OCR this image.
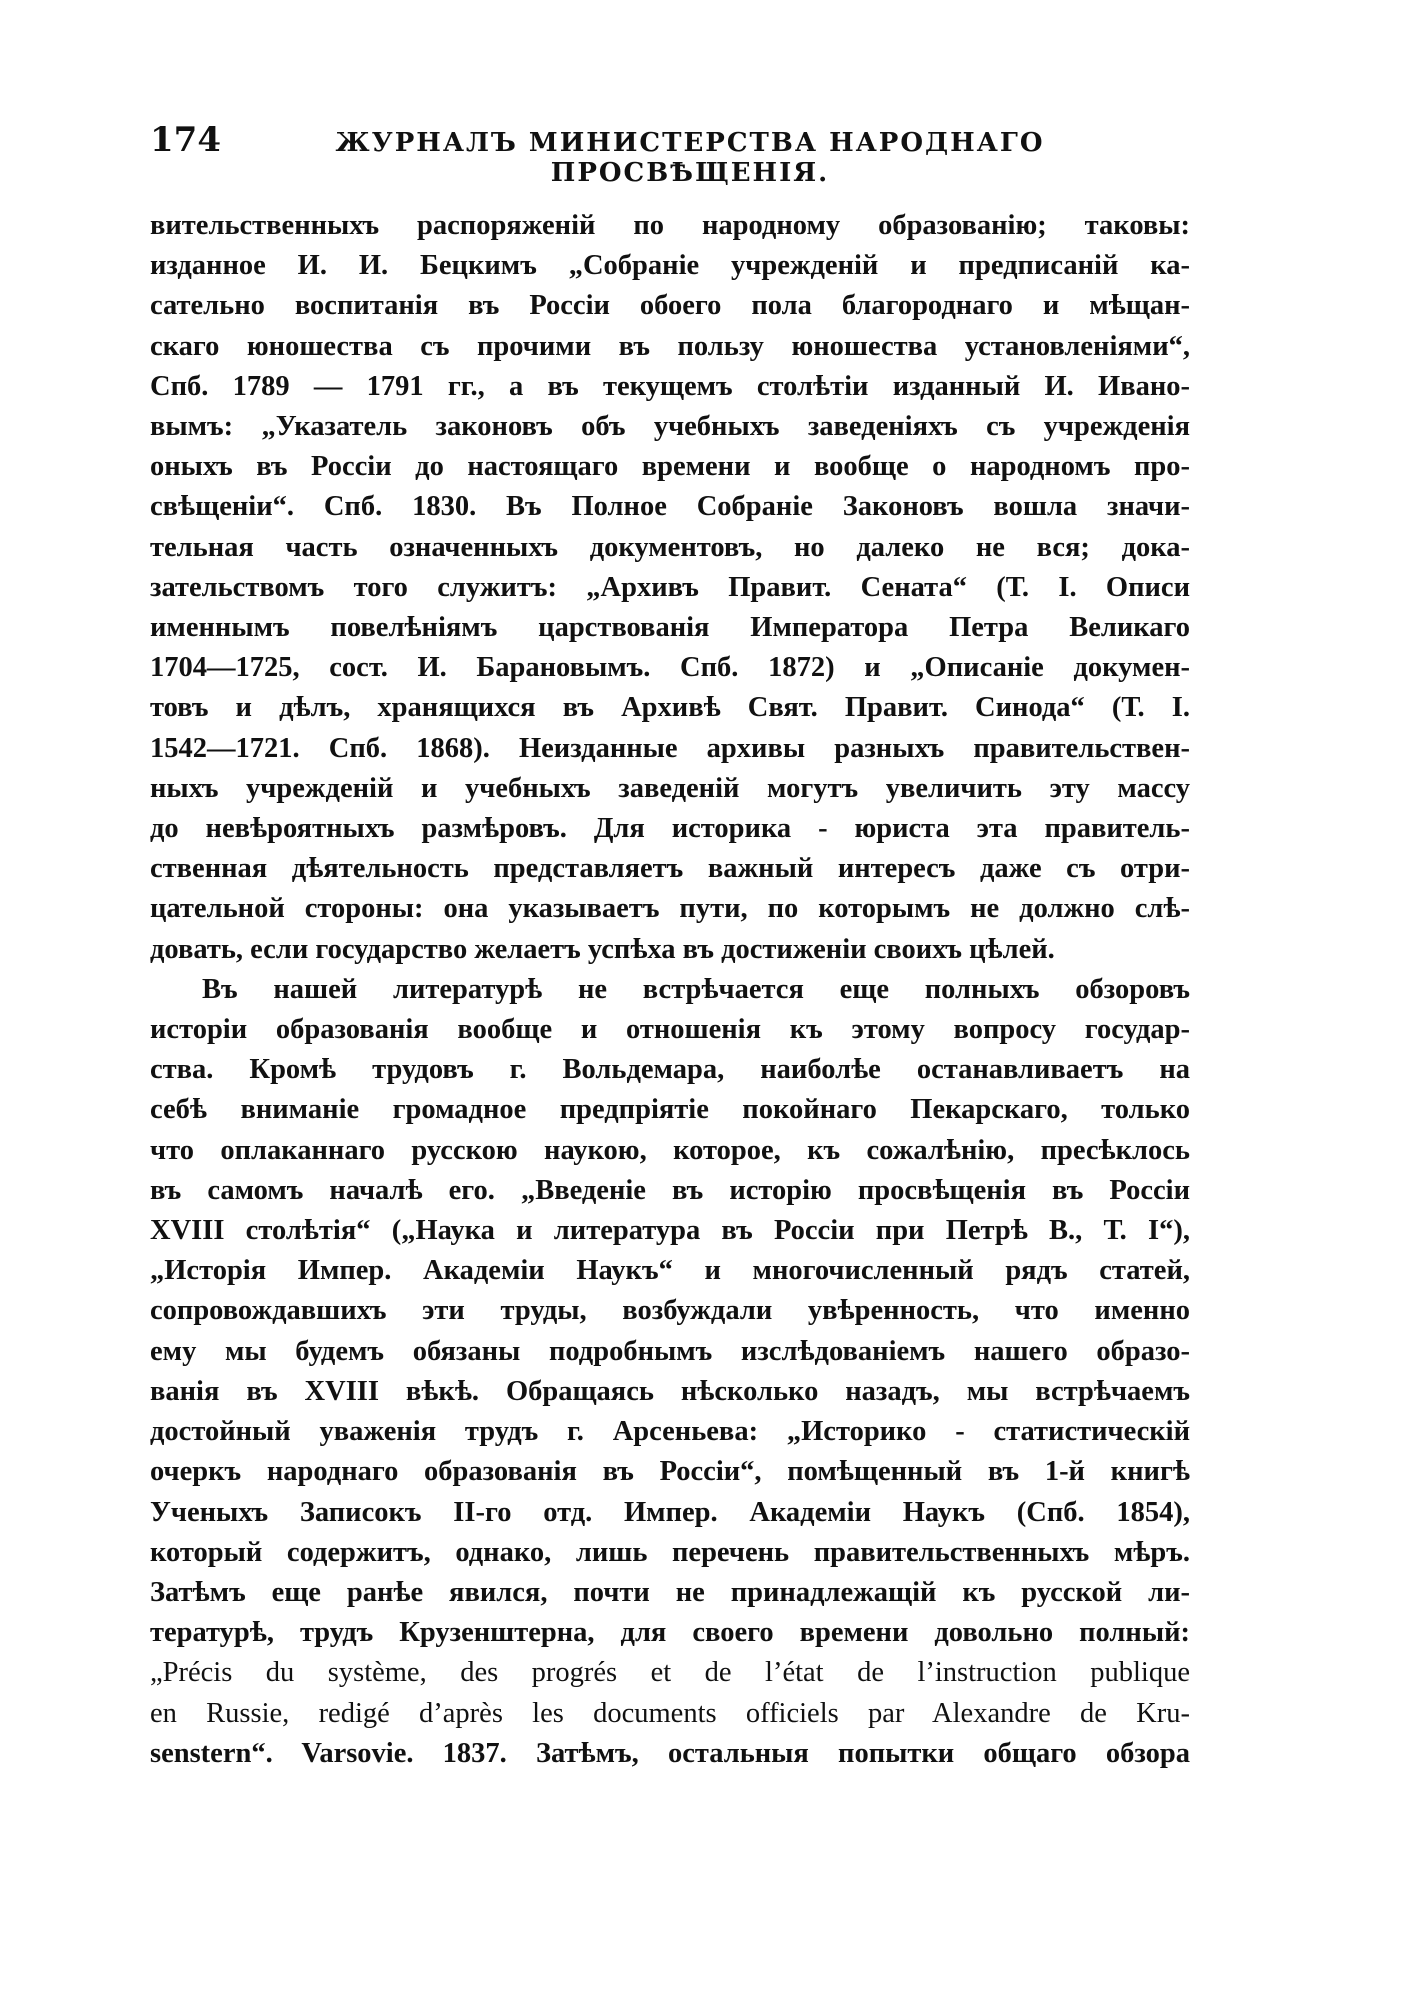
174	ЖУРНАЛЪ МИНИСТЕРСТВА НАРОДНАГО ПРОСВѢЩЕНІЯ.
вительственныхъ распоряженій по народному образованію; таковы:
изданное И. И. Бецкимъ „Собраніе учрежденій и предписаній ка-
сательно воспитанія въ Россіи обоего пола благороднаго и мѣщан-
скаго юношества съ прочими въ пользу юношества установленіями“,
Спб. 1789 — 1791 гг., а въ текущемъ столѣтіи изданный И. Ивано-
вымъ: „Указатель законовъ объ учебныхъ заведеніяхъ съ учрежденія
оныхъ въ Россіи до настоящаго времени и вообще о народномъ про-
свѣщеніи“. Спб. 1830. Въ Полное Собраніе Законовъ вошла значи-
тельная часть означенныхъ документовъ, но далеко не вся; дока-
зательствомъ того служитъ: „Архивъ Правит. Сената“ (Т. I. Описи
именнымъ повелѣніямъ царствованія Императора Петра Великаго
1704—1725, сост. И. Барановымъ. Спб. 1872) и „Описаніе докумен-
товъ и дѣлъ, хранящихся въ Архивѣ Свят. Правит. Синода“ (Т. I.
1542—1721. Спб. 1868). Неизданные архивы разныхъ правительствен-
ныхъ учрежденій и учебныхъ заведеній могутъ увеличить эту массу
до невѣроятныхъ размѣровъ. Для историка - юриста эта правитель-
ственная дѣятельность представляетъ важный интересъ даже съ отри-
цательной стороны: она указываетъ пути, по которымъ не должно слѣ-
довать, если государство желаетъ успѣха въ достиженіи своихъ цѣлей.
Въ нашей литературѣ не встрѣчается еще полныхъ обзоровъ
исторіи образованія вообще и отношенія къ этому вопросу государ-
ства. Кромѣ трудовъ г. Вольдемара, наиболѣе останавливаетъ на
себѣ вниманіе громадное предпріятіе покойнаго Пекарскаго, только
что оплаканнаго русскою наукою, которое, къ сожалѣнію, пресѣклось
въ самомъ началѣ его. „Введеніе въ исторію просвѣщенія въ Россіи
XVIII столѣтія“ („Наука и литература въ Россіи при Петрѣ В., Т. I“),
„Исторія Импер. Академіи Наукъ“ и многочисленный рядъ статей,
сопровождавшихъ эти труды, возбуждали увѣренность, что именно
ему мы будемъ обязаны подробнымъ изслѣдованіемъ нашего образо-
ванія въ XVIII вѣкѣ. Обращаясь нѣсколько назадъ, мы встрѣчаемъ
достойный уваженія трудъ г. Арсеньева: „Историко - статистическій
очеркъ народнаго образованія въ Россіи“, помѣщенный въ 1-й книгѣ
Ученыхъ Записокъ II-го отд. Импер. Академіи Наукъ (Спб. 1854),
который содержитъ, однако, лишь перечень правительственныхъ мѣръ.
Затѣмъ еще ранѣе явился, почти не принадлежащій къ русской ли-
тературѣ, трудъ Крузенштерна, для своего времени довольно полный:
„Précis du système, des progrés et de l’état de l’instruction publique
en Russie, redigé d’après les documents officiels par Alexandre de Kru-
senstern“. Varsovie. 1837. Затѣмъ, остальныя попытки общаго обзора
